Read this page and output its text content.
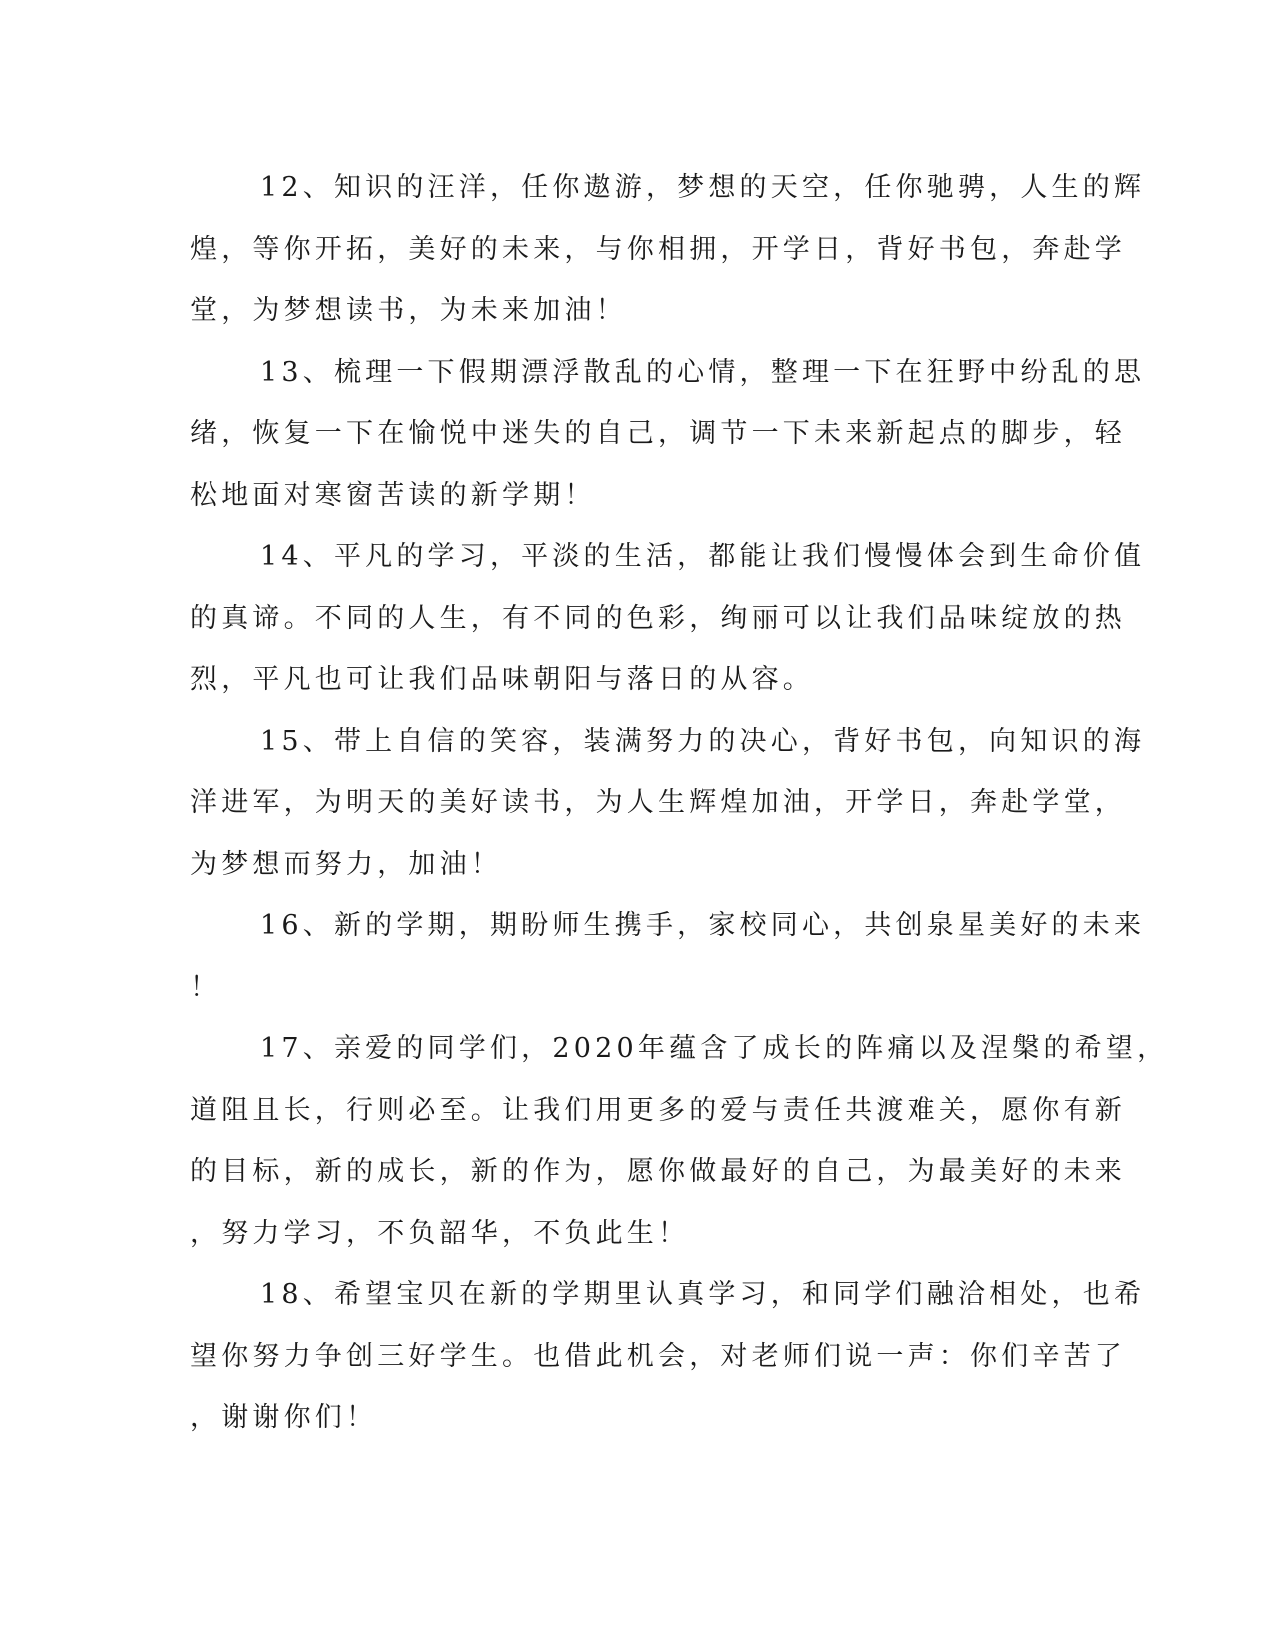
12、知识的汪洋，任你遨游，梦想的天空，任你驰骋，人生的辉
煌，等你开拓，美好的未来，与你相拥，开学日，背好书包，奔赴学
堂，为梦想读书，为未来加油！

13、梳理一下假期漂浮散乱的心情，整理一下在狂野中纷乱的思
绪，恢复一下在愉悦中迷失的自己，调节一下未来新起点的脚步，轻
松地面对寒窗苦读的新学期！

14、平凡的学习，平淡的生活，都能让我们慢慢体会到生命价值
的真谛。不同的人生，有不同的色彩，绚丽可以让我们品味绽放的热
烈，平凡也可让我们品味朝阳与落日的从容。

15、带上自信的笑容，装满努力的决心，背好书包，向知识的海
洋进军，为明天的美好读书，为人生辉煌加油，开学日，奔赴学堂，
为梦想而努力，加油！

16、新的学期，期盼师生携手，家校同心，共创泉星美好的未来
！

17、亲爱的同学们，2020年蕴含了成长的阵痛以及涅槃的希望，
道阻且长，行则必至。让我们用更多的爱与责任共渡难关，愿你有新
的目标，新的成长，新的作为，愿你做最好的自己，为最美好的未来
，努力学习，不负韶华，不负此生！

18、希望宝贝在新的学期里认真学习，和同学们融洽相处，也希
望你努力争创三好学生。也借此机会，对老师们说一声：你们辛苦了
，谢谢你们！
